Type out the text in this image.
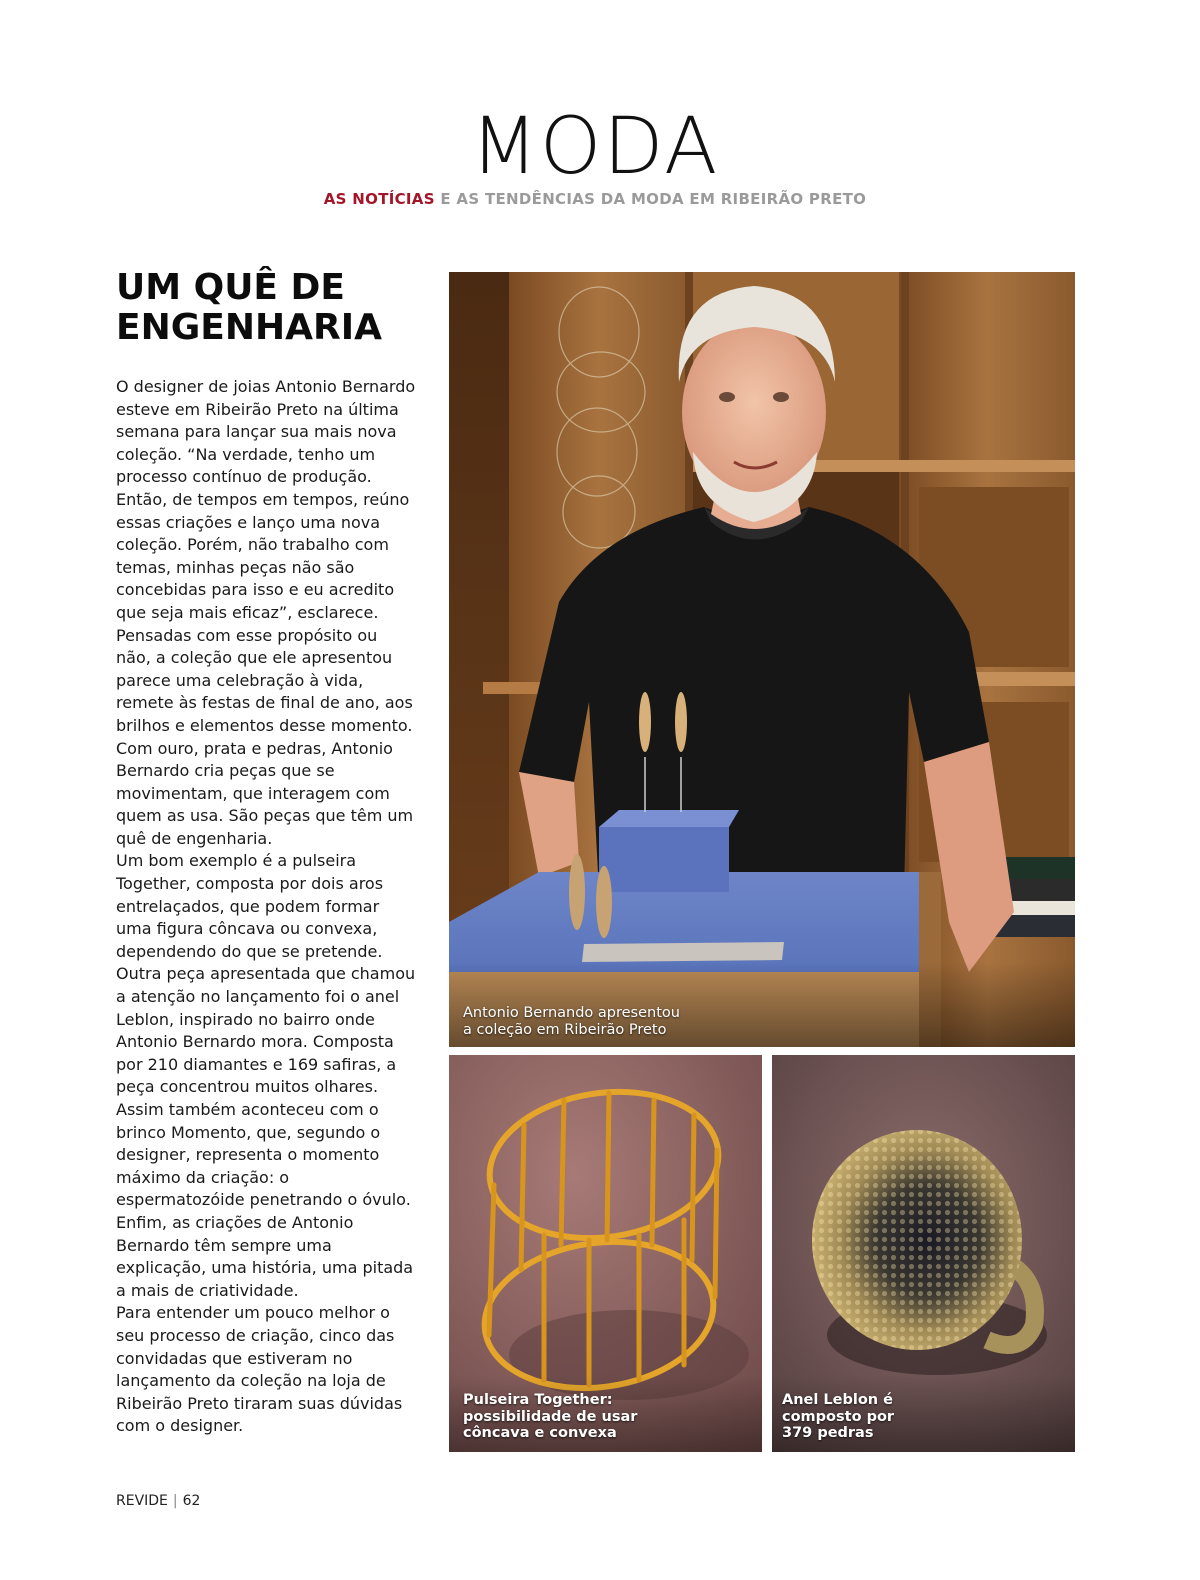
MODA
AS NOTÍCIAS E AS TENDÊNCIAS DA MODA EM RIBEIRÃO PRETO
UM QUÊ DE
ENGENHARIA

O designer de joias Antonio Bernardo esteve em Ribeirão Preto na última semana para lançar sua mais nova coleção. “Na verdade, tenho um processo contínuo de produção. Então, de tempos em tempos, reúno essas criações e lanço uma nova coleção. Porém, não trabalho com temas, minhas peças não são concebidas para isso e eu acredito que seja mais eficaz”, esclarece.

Pensadas com esse propósito ou não, a coleção que ele apresentou parece uma celebração à vida, remete às festas de final de ano, aos brilhos e elementos desse momento. Com ouro, prata e pedras, Antonio Bernardo cria peças que se movimentam, que interagem com quem as usa. São peças que têm um quê de engenharia.

Um bom exemplo é a pulseira Together, composta por dois aros entrelaçados, que podem formar uma figura côncava ou convexa, dependendo do que se pretende.

Outra peça apresentada que chamou a atenção no lançamento foi o anel Leblon, inspirado no bairro onde Antonio Bernardo mora. Composta por 210 diamantes e 169 safiras, a peça concentrou muitos olhares. Assim também aconteceu com o brinco Momento, que, segundo o designer, representa o momento máximo da criação: o espermatozóide penetrando o óvulo.

Enfim, as criações de Antonio Bernardo têm sempre uma explicação, uma história, uma pitada a mais de criatividade.

Para entender um pouco melhor o seu processo de criação, cinco das convidadas que estiveram no lançamento da coleção na loja de Ribeirão Preto tiraram suas dúvidas com o designer.

Antonio Bernando apresentou
a coleção em Ribeirão Preto
Pulseira Together:
possibilidade de usar
côncava e convexa
Anel Leblon é
composto por
379 pedras
REVIDE | 62
